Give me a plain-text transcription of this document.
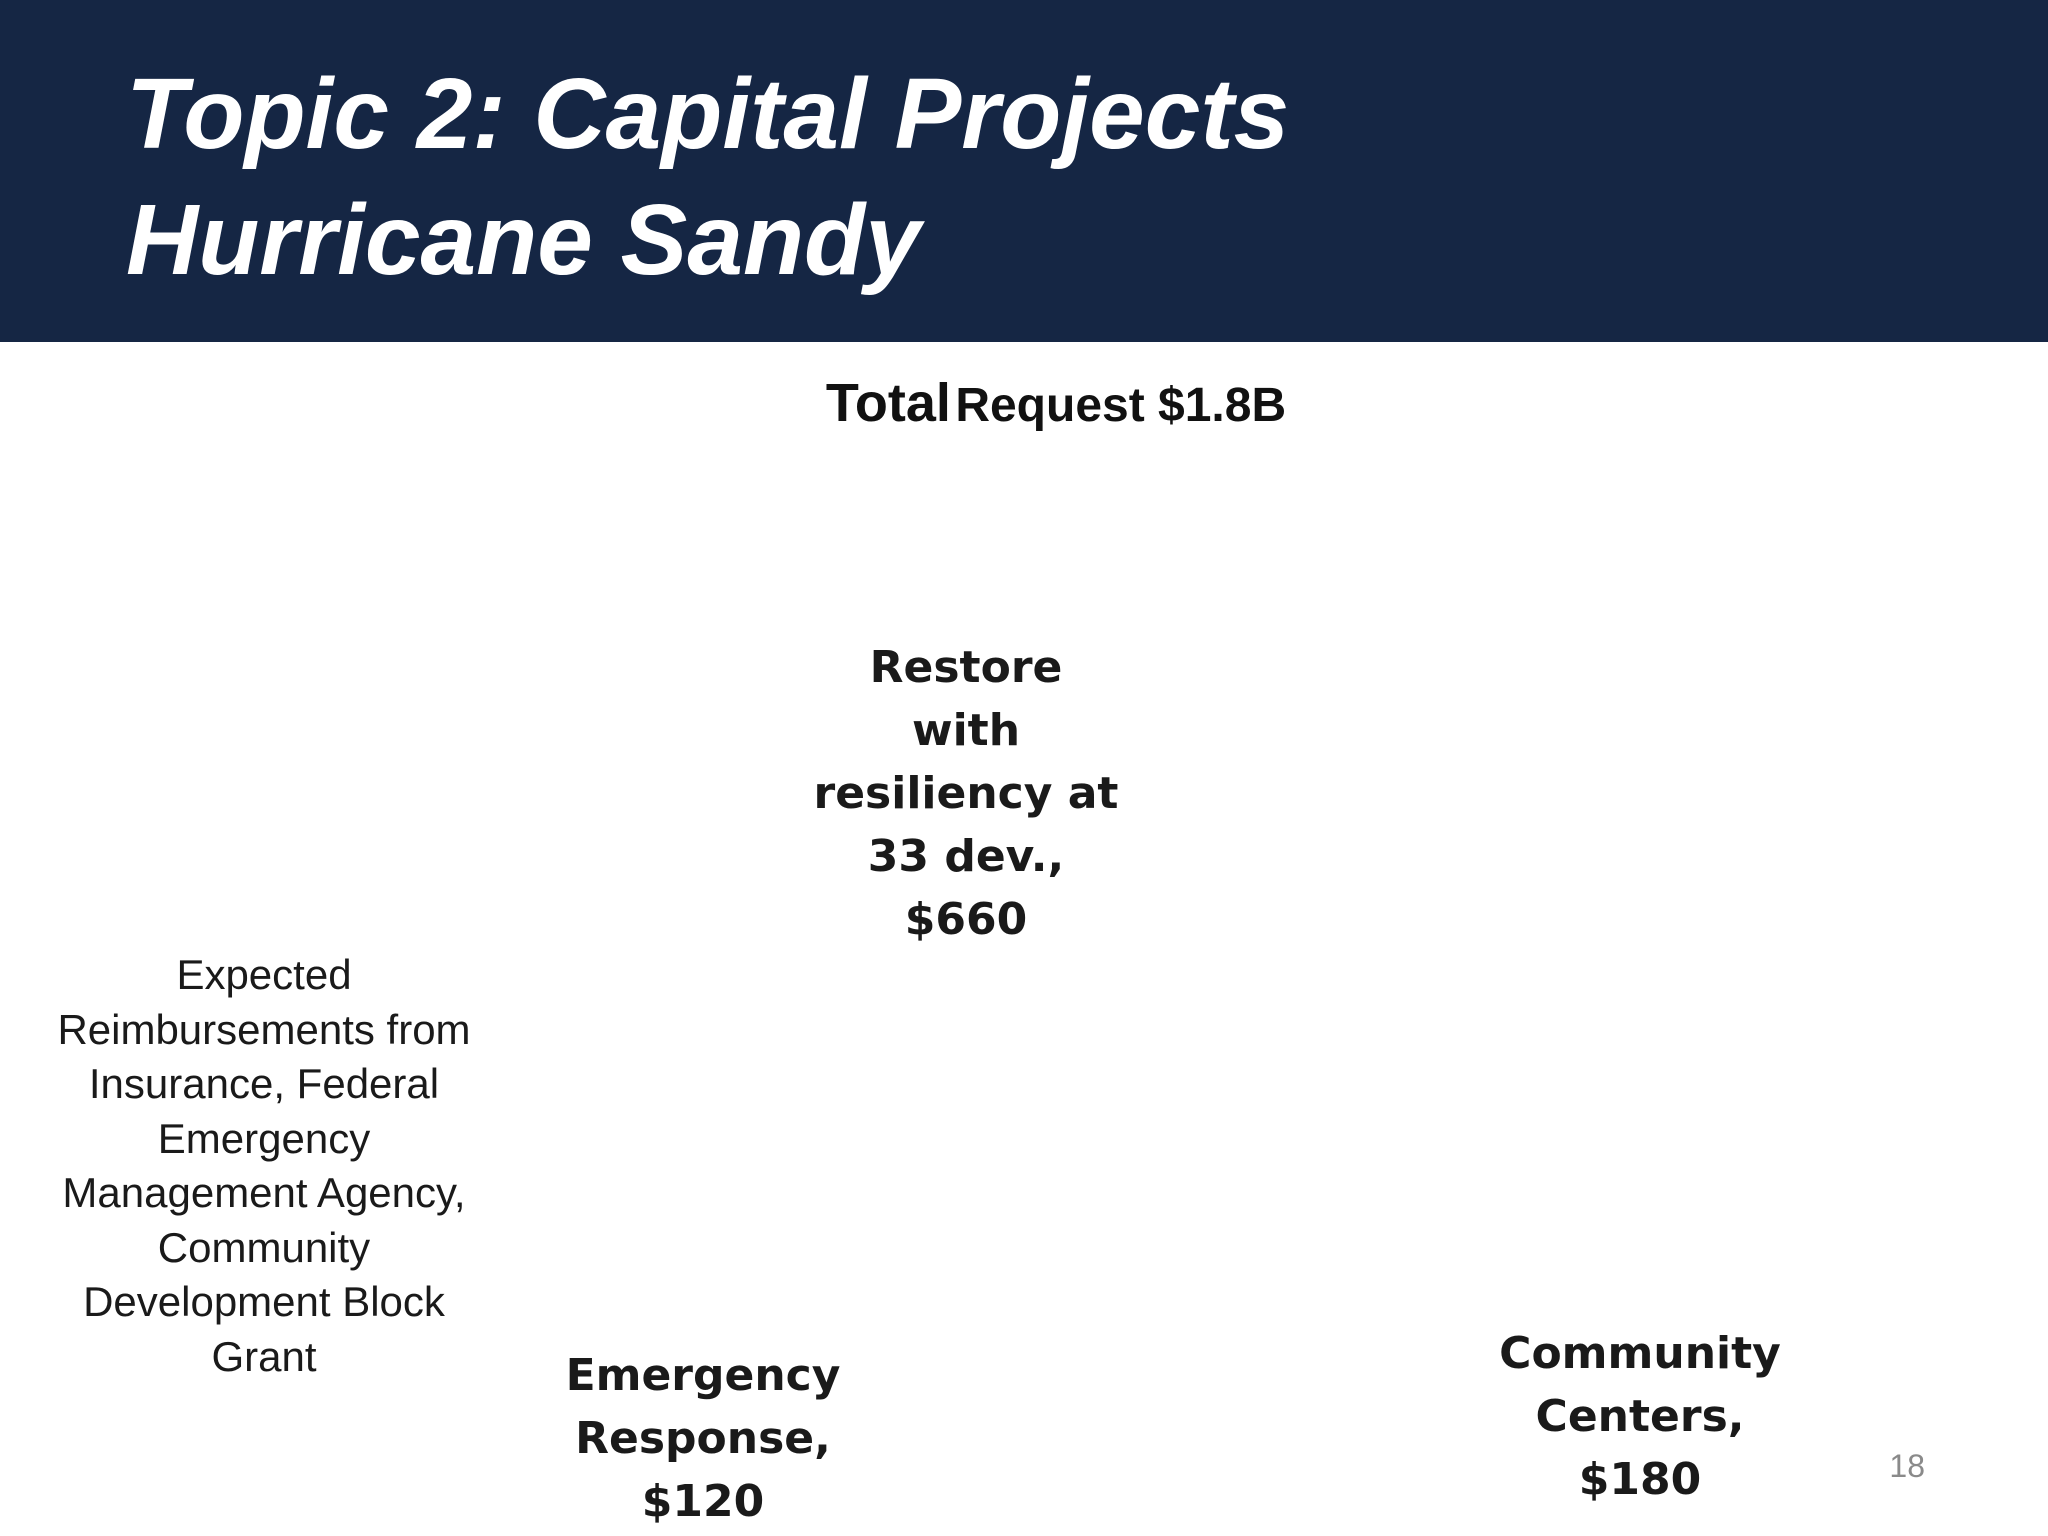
Topic 2: Capital Projects
Hurricane Sandy
Total Request $1.8B
Restore
with
resiliency at
33 dev.,
$660
Expected
Reimbursements from
Insurance, Federal
Emergency
Management Agency,
Community
Development Block
Grant	Emergency
Response,
$120
Community
Centers,
$180	18
